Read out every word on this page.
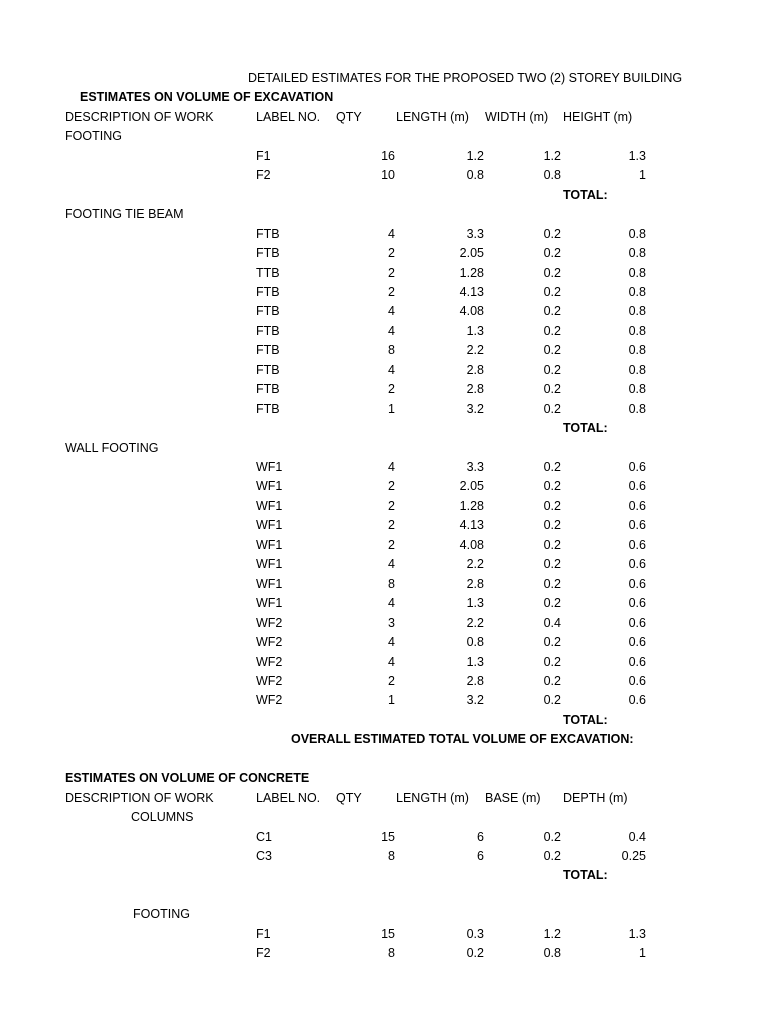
DETAILED ESTIMATES FOR THE PROPOSED TWO (2) STOREY BUILDING
ESTIMATES ON VOLUME OF EXCAVATION
DESCRIPTION OF WORK	LABEL NO. QTY	LENGTH (m) WIDTH (m) HEIGHT (m)
FOOTING
F1	16	1.2	1.2	1.3
F2	10	0.8	0.8	1
TOTAL:
FOOTING TIE BEAM
FTB	4	3.3	0.2	0.8
FTB	2	2.05	0.2	0.8
TTB	2	1.28	0.2	0.8
FTB	2	4.13	0.2	0.8
FTB	4	4.08	0.2	0.8
FTB	4	1.3	0.2	0.8
FTB	8	2.2	0.2	0.8
FTB	4	2.8	0.2	0.8
FTB	2	2.8	0.2	0.8
FTB	1	3.2	0.2	0.8
TOTAL:
WALL FOOTING
WF1	4	3.3	0.2	0.6
WF1	2	2.05	0.2	0.6
WF1	2	1.28	0.2	0.6
WF1	2	4.13	0.2	0.6
WF1	2	4.08	0.2	0.6
WF1	4	2.2	0.2	0.6
WF1	8	2.8	0.2	0.6
WF1	4	1.3	0.2	0.6
WF2	3	2.2	0.4	0.6
WF2	4	0.8	0.2	0.6
WF2	4	1.3	0.2	0.6
WF2	2	2.8	0.2	0.6
WF2	1	3.2	0.2	0.6
TOTAL:
OVERALL ESTIMATED TOTAL VOLUME OF EXCAVATION:
ESTIMATES ON VOLUME OF CONCRETE
DESCRIPTION OF WORK	LABEL NO. QTY	LENGTH (m) BASE (m) DEPTH (m)
COLUMNS
C1	15	6	0.2	0.4
C3	8	6	0.2	0.25
TOTAL:
FOOTING
F1	15	0.3	1.2	1.3
F2	8	0.2	0.8	1
